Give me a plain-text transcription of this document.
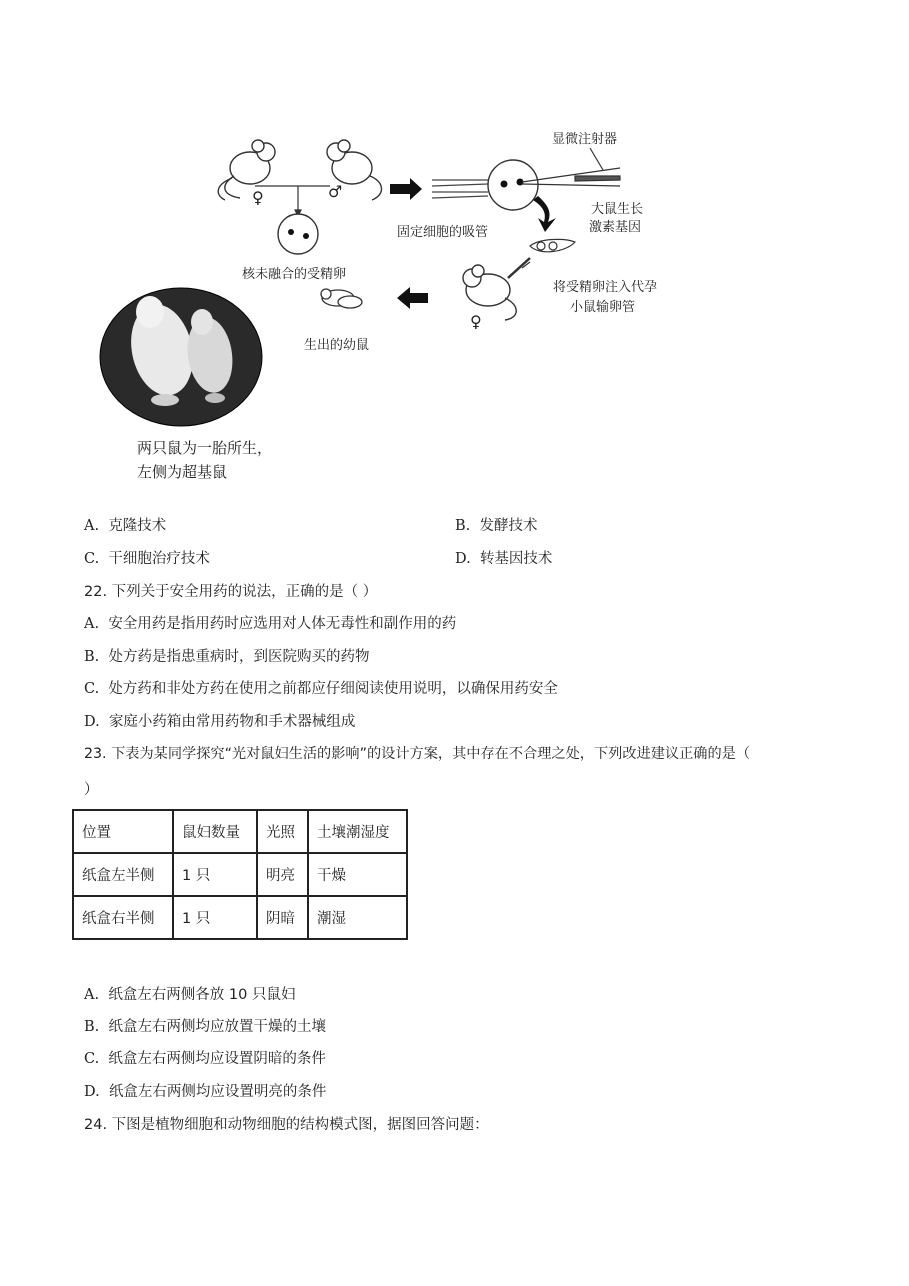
♀	♂
核未融合的受精卵
显微注射器
固定细胞的吸管
大鼠生长
激素基因
将受精卵注入代孕
小鼠输卵管
♀
生出的幼鼠
两只鼠为一胎所生，
左侧为超基鼠
A. 克隆技术	B. 发酵技术
C. 干细胞治疗技术	D. 转基因技术
22. 下列关于安全用药的说法，正确的是（ ）
A. 安全用药是指用药时应选用对人体无毒性和副作用的药
B. 处方药是指患重病时，到医院购买的药物
C. 处方药和非处方药在使用之前都应仔细阅读使用说明，以确保用药安全
D. 家庭小药箱由常用药物和手术器械组成
23. 下表为某同学探究“光对鼠妇生活的影响”的设计方案，其中存在不合理之处，下列改进建议正确的是（
）
位置	鼠妇数量	光照	土壤潮湿度
纸盒左半侧	1 只	明亮	干燥
纸盒右半侧	1 只	阴暗	潮湿
A. 纸盒左右两侧各放 10 只鼠妇
B. 纸盒左右两侧均应放置干燥的土壤
C. 纸盒左右两侧均应设置阴暗的条件
D. 纸盒左右两侧均应设置明亮的条件
24. 下图是植物细胞和动物细胞的结构模式图，据图回答问题：
